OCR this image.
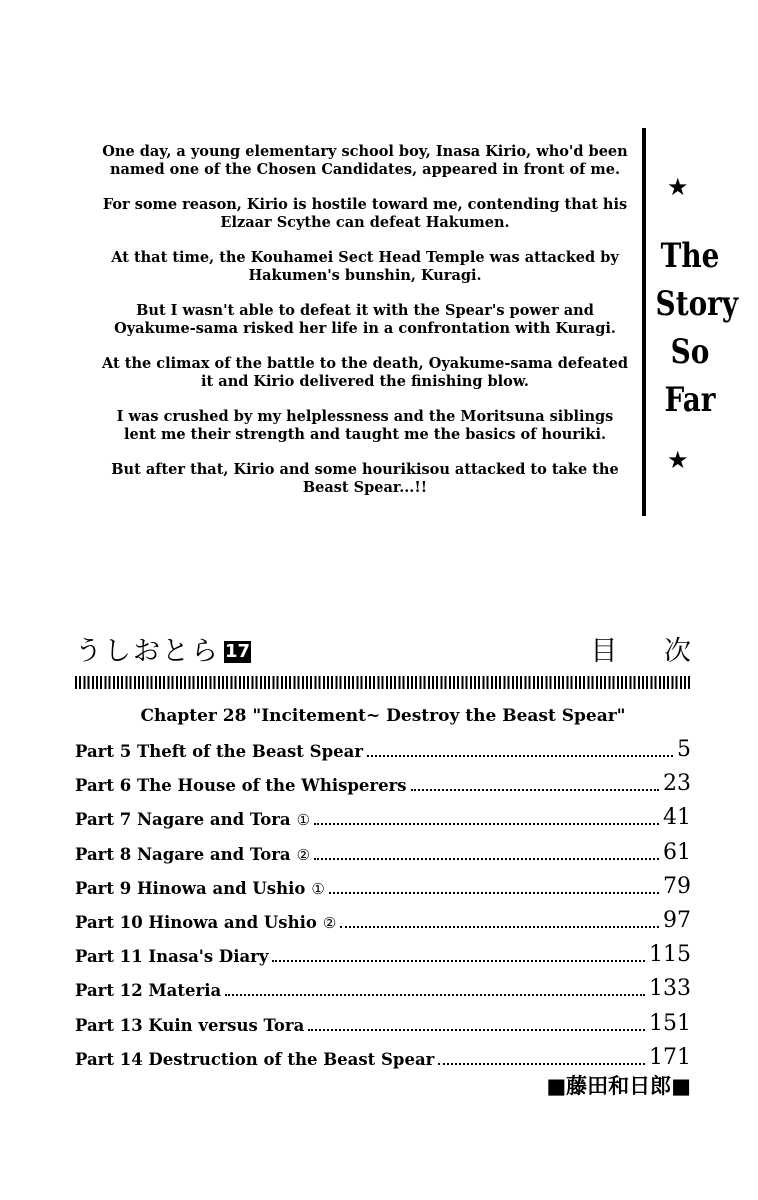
One day, a young elementary school boy, Inasa Kirio, who'd been named one of the Chosen Candidates, appeared in front of me.

For some reason, Kirio is hostile toward me, contending that his Elzaar Scythe can defeat Hakumen.

At that time, the Kouhamei Sect Head Temple was attacked by Hakumen's bunshin, Kuragi.

But I wasn't able to defeat it with the Spear's power and Oyakume-sama risked her life in a confrontation with Kuragi.

At the climax of the battle to the death, Oyakume-sama defeated it and Kirio delivered the finishing blow.

I was crushed by my helplessness and the Moritsuna siblings lent me their strength and taught me the basics of houriki.

But after that, Kirio and some hourikisou attacked to take the Beast Spear...!!

★
The
Story
So
Far
★
うしおとら 17	目 次
Chapter 28 "Incitement~ Destroy the Beast Spear"
Part 5 Theft of the Beast Spear	5
Part 6 The House of the Whisperers	23
Part 7 Nagare and Tora ①	41
Part 8 Nagare and Tora ②	61
Part 9 Hinowa and Ushio ①	79
Part 10 Hinowa and Ushio ②	97
Part 11 Inasa's Diary	115
Part 12 Materia	133
Part 13 Kuin versus Tora	151
Part 14 Destruction of the Beast Spear	171
■藤田和日郎■
